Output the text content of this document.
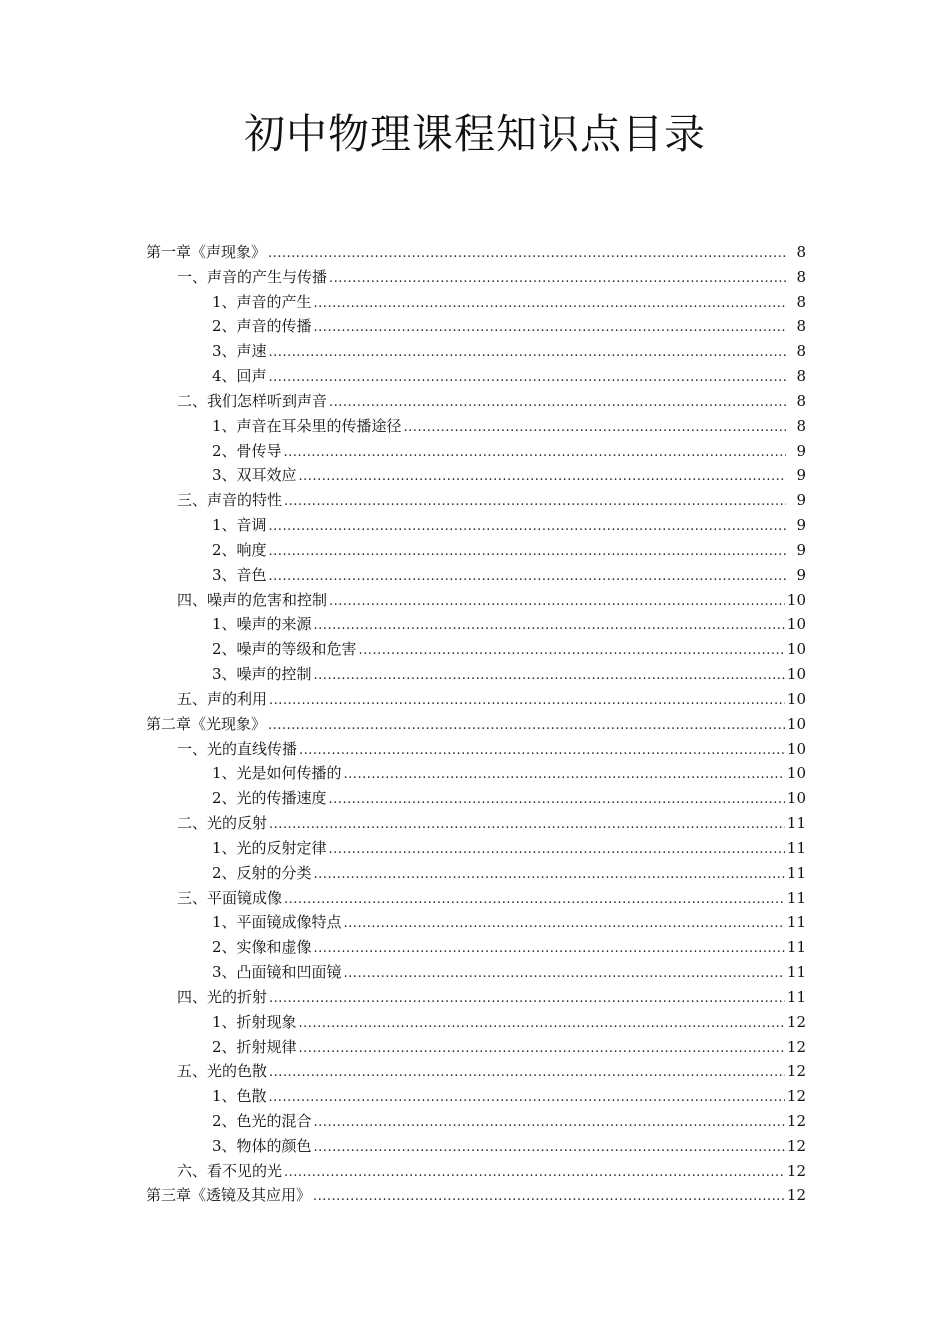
初中物理课程知识点目录
第一章《声现象》 .....	8
一、声音的产生与传播 .....	8
1、声音的产生 .....	8
2、声音的传播 .....	8
3、声速 .....	8
4、回声 .....	8
二、我们怎样听到声音 .....	8
1、声音在耳朵里的传播途径 .....	8
2、骨传导 .....	9
3、双耳效应 .....	9
三、声音的特性 .....	9
1、音调 .....	9
2、响度 .....	9
3、音色 .....	9
四、噪声的危害和控制 .....	10
1、噪声的来源 .....	10
2、噪声的等级和危害 .....	10
3、噪声的控制 .....	10
五、声的利用 .....	10
第二章《光现象》 .....	10
一、光的直线传播 .....	10
1、光是如何传播的 .....	10
2、光的传播速度 .....	10
二、光的反射 .....	11
1、光的反射定律 .....	11
2、反射的分类 .....	11
三、平面镜成像 .....	11
1、平面镜成像特点 .....	11
2、实像和虚像 .....	11
3、凸面镜和凹面镜 .....	11
四、光的折射 .....	11
1、折射现象 .....	12
2、折射规律 .....	12
五、光的色散 .....	12
1、色散 .....	12
2、色光的混合 .....	12
3、物体的颜色 .....	12
六、看不见的光 .....	12
第三章《透镜及其应用》 .....	12
